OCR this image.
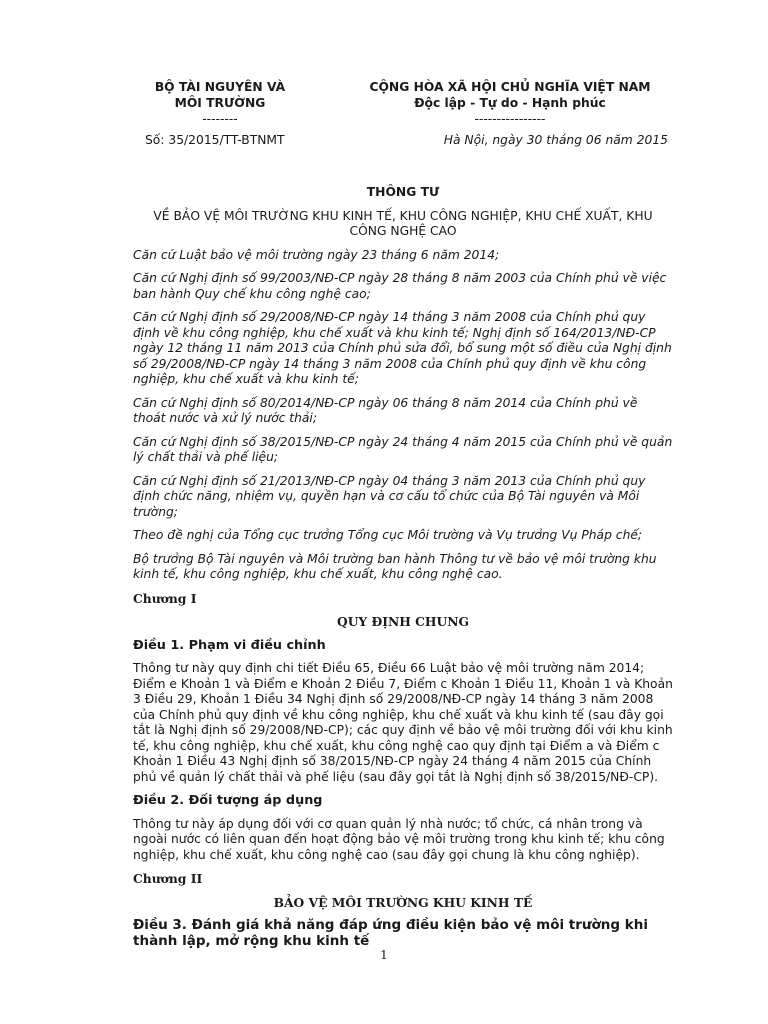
BỘ TÀI NGUYÊN VÀ
MÔI TRƯỜNG
--------
CỘNG HÒA XÃ HỘI CHỦ NGHĨA VIỆT NAM
Độc lập - Tự do - Hạnh phúc
----------------
Số: 35/2015/TT-BTNMT	Hà Nội, ngày 30 tháng 06 năm 2015

THÔNG TƯ

VỀ BẢO VỆ MÔI TRƯỜNG KHU KINH TẾ, KHU CÔNG NGHIỆP, KHU CHẾ XUẤT, KHU CÔNG NGHỆ CAO

Căn cứ Luật bảo vệ môi trường ngày 23 tháng 6 năm 2014;

Căn cứ Nghị định số 99/2003/NĐ-CP ngày 28 tháng 8 năm 2003 của Chính phủ về việc ban hành Quy chế khu công nghệ cao;

Căn cứ Nghị định số 29/2008/NĐ-CP ngày 14 tháng 3 năm 2008 của Chính phủ quy định về khu công nghiệp, khu chế xuất và khu kinh tế; Nghị định số 164/2013/NĐ-CP ngày 12 tháng 11 năm 2013 của Chính phủ sửa đổi, bổ sung một số điều của Nghị định số 29/2008/NĐ-CP ngày 14 tháng 3 năm 2008 của Chính phủ quy định về khu công nghiệp, khu chế xuất và khu kinh tế;

Căn cứ Nghị định số 80/2014/NĐ-CP ngày 06 tháng 8 năm 2014 của Chính phủ về thoát nước và xử lý nước thải;

Căn cứ Nghị định số 38/2015/NĐ-CP ngày 24 tháng 4 năm 2015 của Chính phủ về quản lý chất thải và phế liệu;

Căn cứ Nghị định số 21/2013/NĐ-CP ngày 04 tháng 3 năm 2013 của Chính phủ quy định chức năng, nhiệm vụ, quyền hạn và cơ cấu tổ chức của Bộ Tài nguyên và Môi trường;

Theo đề nghị của Tổng cục trưởng Tổng cục Môi trường và Vụ trưởng Vụ Pháp chế;

Bộ trưởng Bộ Tài nguyên và Môi trường ban hành Thông tư về bảo vệ môi trường khu kinh tế, khu công nghiệp, khu chế xuất, khu công nghệ cao.

Chương I

QUY ĐỊNH CHUNG

Điều 1. Phạm vi điều chỉnh

Thông tư này quy định chi tiết Điều 65, Điều 66 Luật bảo vệ môi trường năm 2014; Điểm e Khoản 1 và Điểm e Khoản 2 Điều 7, Điểm c Khoản 1 Điều 11, Khoản 1 và Khoản 3 Điều 29, Khoản 1 Điều 34 Nghị định số 29/2008/NĐ-CP ngày 14 tháng 3 năm 2008 của Chính phủ quy định về khu công nghiệp, khu chế xuất và khu kinh tế (sau đây gọi tắt là Nghị định số 29/2008/NĐ-CP); các quy định về bảo vệ môi trường đối với khu kinh tế, khu công nghiệp, khu chế xuất, khu công nghệ cao quy định tại Điểm a và Điểm c Khoản 1 Điều 43 Nghị định số 38/2015/NĐ-CP ngày 24 tháng 4 năm 2015 của Chính phủ về quản lý chất thải và phế liệu (sau đây gọi tắt là Nghị định số 38/2015/NĐ-CP).

Điều 2. Đối tượng áp dụng

Thông tư này áp dụng đối với cơ quan quản lý nhà nước; tổ chức, cá nhân trong và ngoài nước có liên quan đến hoạt động bảo vệ môi trường trong khu kinh tế; khu công nghiệp, khu chế xuất, khu công nghệ cao (sau đây gọi chung là khu công nghiệp).

Chương II

BẢO VỆ MÔI TRƯỜNG KHU KINH TẾ

Điều 3. Đánh giá khả năng đáp ứng điều kiện bảo vệ môi trường khi thành lập, mở rộng khu kinh tế

1
